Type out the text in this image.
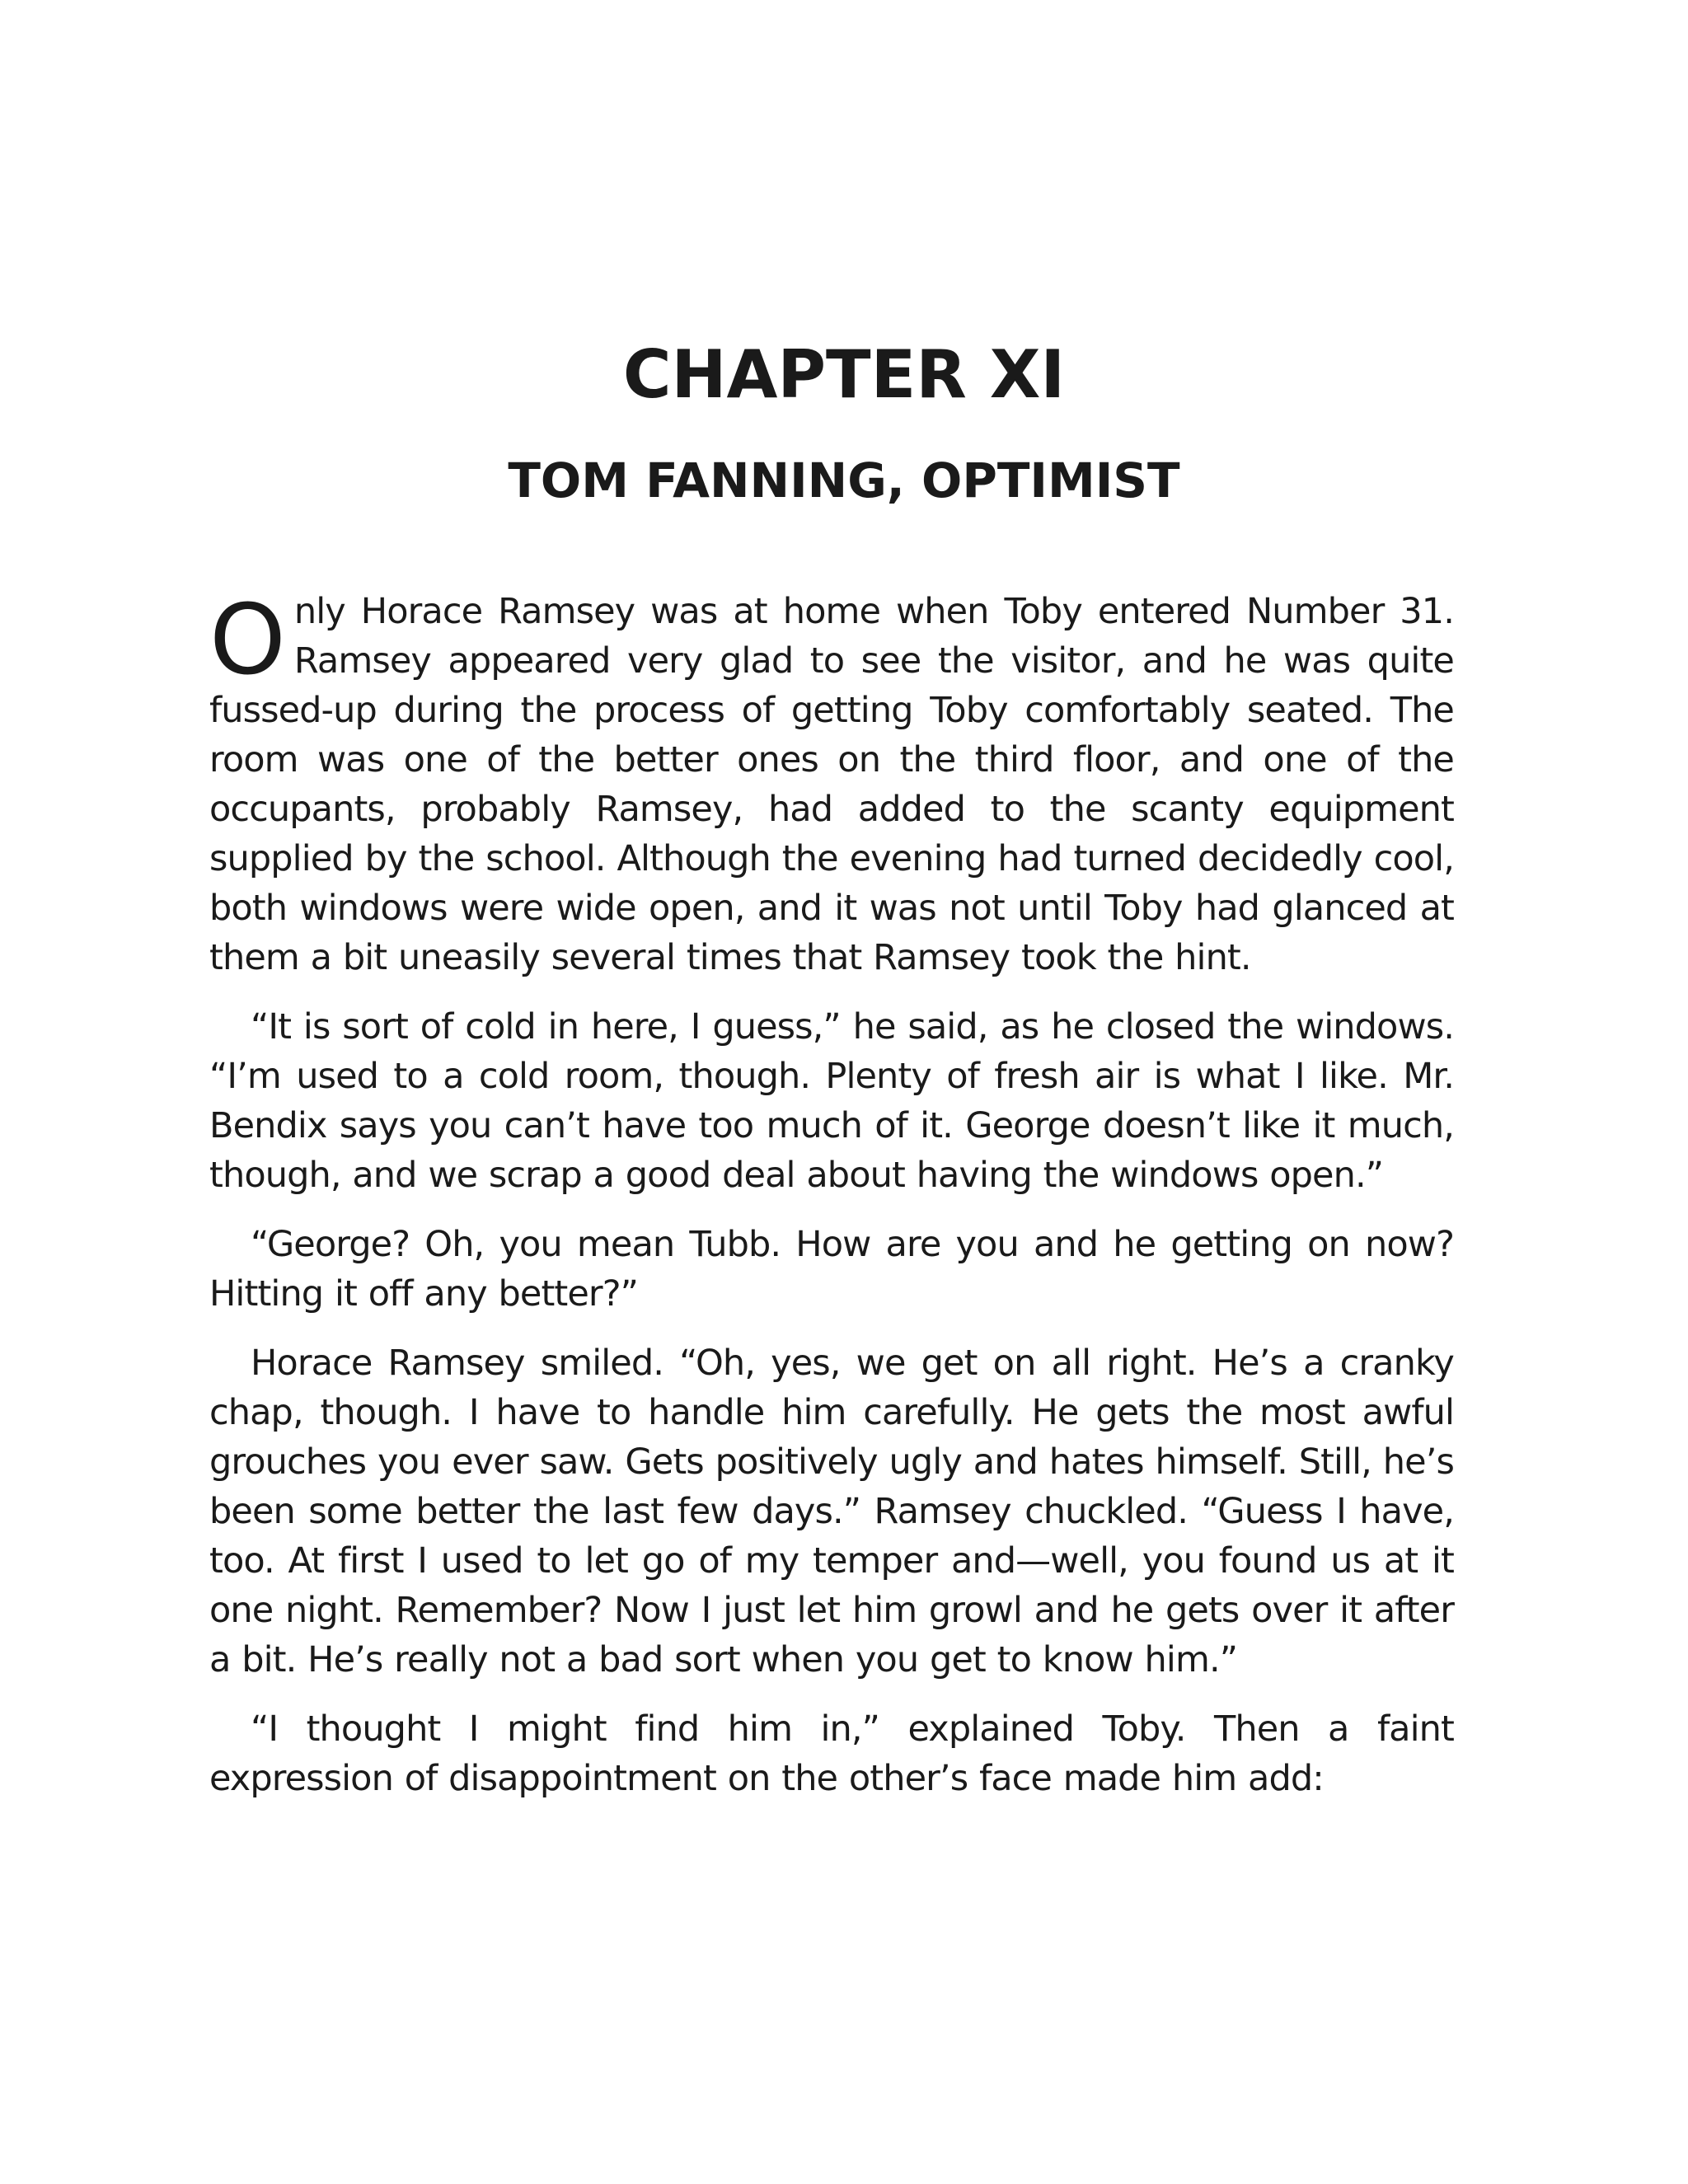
CHAPTER XI
TOM FANNING, OPTIMIST

Only Horace Ramsey was at home when Toby entered Number 31. Ramsey appeared very glad to see the visitor, and he was quite fussed-up during the process of getting Toby comfortably seated. The room was one of the better ones on the third floor, and one of the occupants, probably Ramsey, had added to the scanty equipment supplied by the school. Although the evening had turned decidedly cool, both windows were wide open, and it was not until Toby had glanced at them a bit uneasily several times that Ramsey took the hint.

“It is sort of cold in here, I guess,” he said, as he closed the windows. “I’m used to a cold room, though. Plenty of fresh air is what I like. Mr. Bendix says you can’t have too much of it. George doesn’t like it much, though, and we scrap a good deal about having the windows open.”

“George? Oh, you mean Tubb. How are you and he getting on now? Hitting it off any better?”

Horace Ramsey smiled. “Oh, yes, we get on all right. He’s a cranky chap, though. I have to handle him carefully. He gets the most awful grouches you ever saw. Gets positively ugly and hates himself. Still, he’s been some better the last few days.” Ramsey chuckled. “Guess I have, too. At first I used to let go of my temper and—well, you found us at it one night. Remember? Now I just let him growl and he gets over it after a bit. He’s really not a bad sort when you get to know him.”

“I thought I might find him in,” explained Toby. Then a faint expression of disappointment on the other’s face made him add:
